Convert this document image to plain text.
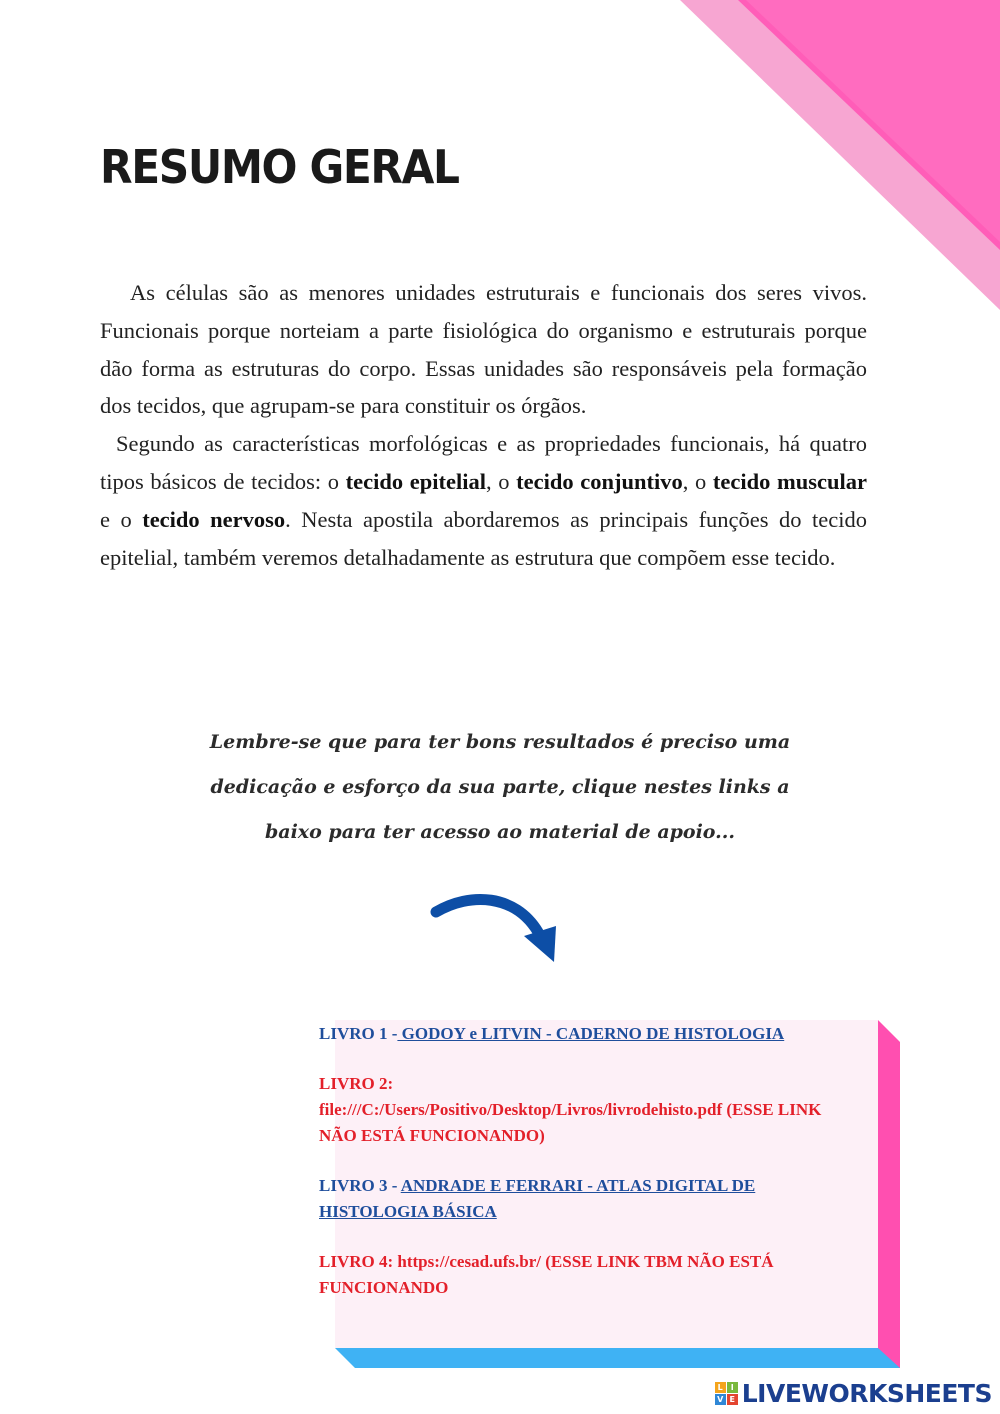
RESUMO GERAL

As células são as menores unidades estruturais e funcionais dos seres vivos. Funcionais porque norteiam a parte fisiológica do organismo e estruturais porque dão forma as estruturas do corpo. Essas unidades são responsáveis pela formação dos tecidos, que agrupam-se para constituir os órgãos.

Segundo as características morfológicas e as propriedades funcionais, há quatro tipos básicos de tecidos: o tecido epitelial, o tecido conjuntivo, o tecido muscular e o tecido nervoso. Nesta apostila abordaremos as principais funções do tecido epitelial, também veremos detalhadamente as estrutura que compõem esse tecido.

Lembre-se que para ter bons resultados é preciso uma
dedicação e esforço da sua parte, clique nestes links a
baixo para ter acesso ao material de apoio...
LIVRO 1 - GODOY e LITVIN - CADERNO DE HISTOLOGIA
LIVRO 2:
file:///C:/Users/Positivo/Desktop/Livros/livrodehisto.pdf (ESSE LINK NÃO ESTÁ FUNCIONANDO)
LIVRO 3 - ANDRADE E FERRARI - ATLAS DIGITAL DE HISTOLOGIA BÁSICA
LIVRO 4: https://cesad.ufs.br/ (ESSE LINK TBM NÃO ESTÁ FUNCIONANDO
L I
V E LIVEWORKSHEETS
